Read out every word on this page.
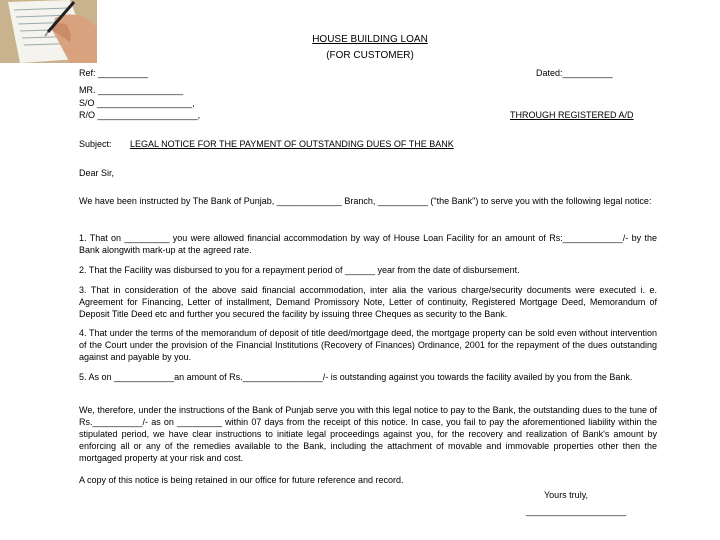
HOUSE BUILDING LOAN
(FOR CUSTOMER)
Ref: __________	Dated:__________
MR. _________________
S/O ___________________,
R/O ____________________,	THROUGH REGISTERED A/D
Subject: LEGAL NOTICE FOR THE PAYMENT OF OUTSTANDING DUES OF THE BANK
Dear Sir,
We have been instructed by The Bank of Punjab, _____________ Branch, __________ ("the Bank") to serve you with the following legal notice:
1. That on _________ you were allowed financial accommodation by way of House Loan Facility for an amount of Rs:____________/- by the Bank alongwith mark-up at the agreed rate.
2. That the Facility was disbursed to you for a repayment period of ______ year from the date of disbursement.
3. That in consideration of the above said financial accommodation, inter alia the various charge/security documents were executed i. e. Agreement for Financing, Letter of installment, Demand Promissory Note, Letter of continuity, Registered Mortgage Deed, Memorandum of Deposit Title Deed etc and further you secured the facility by issuing three Cheques as security to the Bank.
4. That under the terms of the memorandum of deposit of title deed/mortgage deed, the mortgage property can be sold even without intervention of the Court under the provision of the Financial Institutions (Recovery of Finances) Ordinance, 2001 for the repayment of the dues outstanding against and payable by you.
5. As on ____________an amount of Rs.________________/- is outstanding against you towards the facility availed by you from the Bank.
We, therefore, under the instructions of the Bank of Punjab serve you with this legal notice to pay to the Bank, the outstanding dues to the tune of Rs.__________/- as on _________ within 07 days from the receipt of this notice. In case, you fail to pay the aforementioned liability within the stipulated period, we have clear instructions to initiate legal proceedings against you, for the recovery and realization of Bank's amount by enforcing all or any of the remedies available to the Bank, including the attachment of movable and immovable properties other then the mortgaged property at your risk and cost.
A copy of this notice is being retained in our office for future reference and record.
Yours truly,
____________________
